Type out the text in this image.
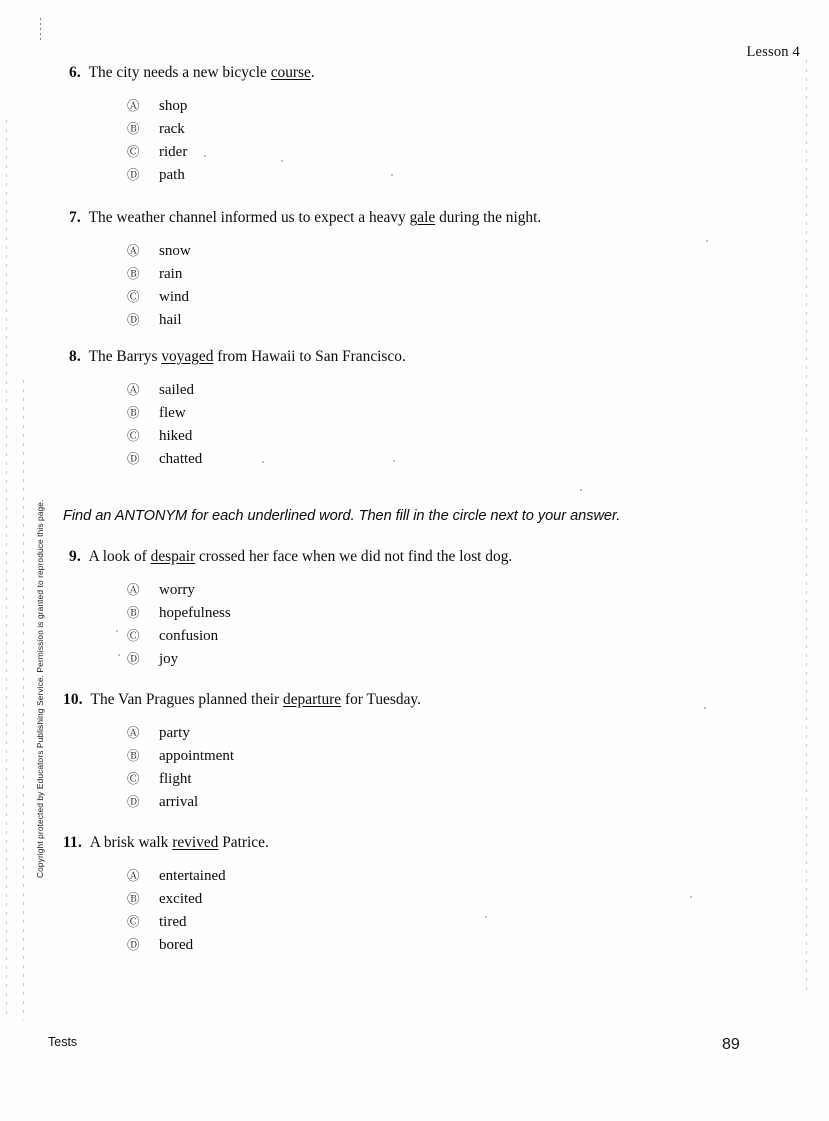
Lesson 4
Copyright protected by Educators Publishing Service. Permission is granted to reproduce this page.
6. The city needs a new bicycle course.
Ⓐ shop
Ⓑ rack
Ⓒ rider
Ⓓ path
7. The weather channel informed us to expect a heavy gale during the night.
Ⓐ snow
Ⓑ rain
Ⓒ wind
Ⓓ hail
8. The Barrys voyaged from Hawaii to San Francisco.
Ⓐ sailed
Ⓑ flew
Ⓒ hiked
Ⓓ chatted
9. A look of despair crossed her face when we did not find the lost dog.
Ⓐ worry
Ⓑ hopefulness
Ⓒ confusion
Ⓓ joy
10. The Van Pragues planned their departure for Tuesday.
Ⓐ party
Ⓑ appointment
Ⓒ flight
Ⓓ arrival
11. A brisk walk revived Patrice.
Ⓐ entertained
Ⓑ excited
Ⓒ tired
Ⓓ bored
Tests	89
Find an ANTONYM for each underlined word. Then fill in the circle next to your answer.
